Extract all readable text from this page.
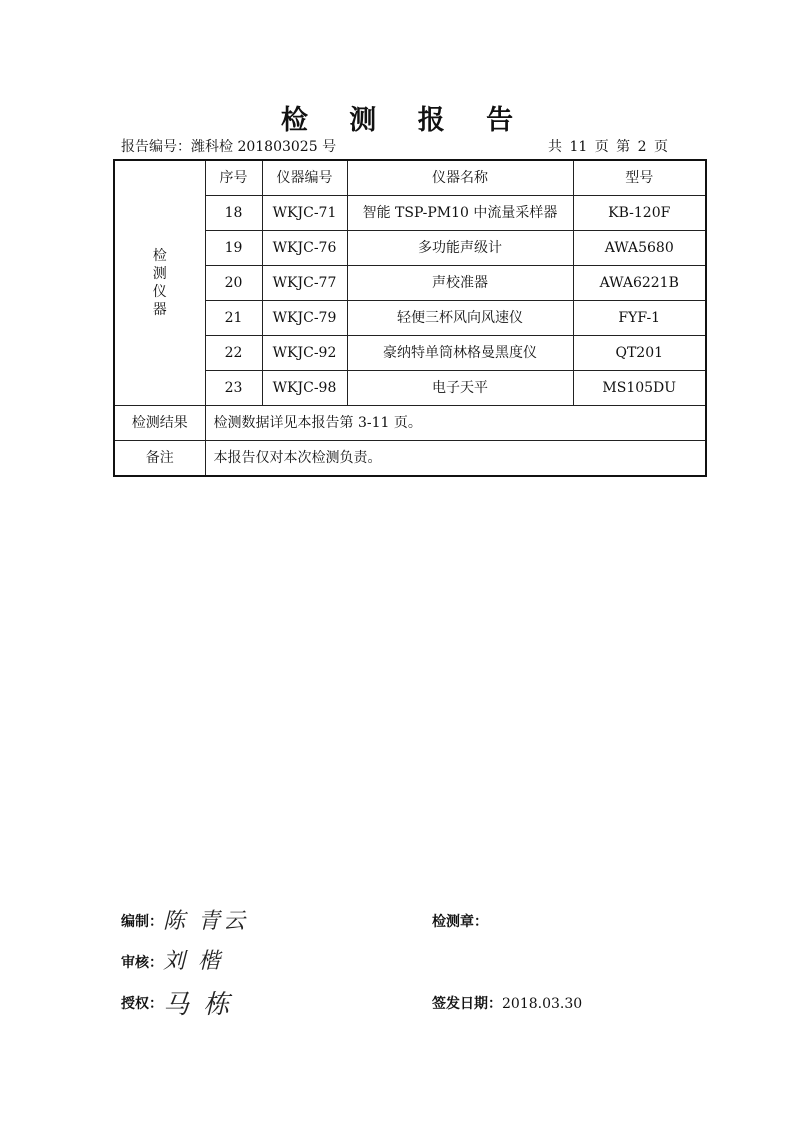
检 测 报 告
报告编号：潍科检 201803025 号	共 11 页 第 2 页
检
测
仪
器	序号	仪器编号	仪器名称	型号
	18	WKJC-71	智能 TSP-PM10 中流量采样器	KB-120F
	19	WKJC-76	多功能声级计	AWA5680
	20	WKJC-77	声校准器	AWA6221B
	21	WKJC-79	轻便三杯风向风速仪	FYF-1
	22	WKJC-92	豪纳特单筒林格曼黑度仪	QT201
	23	WKJC-98	电子天平	MS105DU
检测结果	检测数据详见本报告第 3-11 页。			
备注	本报告仅对本次检测负责。			
编制： 陈 青云
审核： 刘 楷
授权： 马 栋
检测章：
签发日期：2018.03.30
